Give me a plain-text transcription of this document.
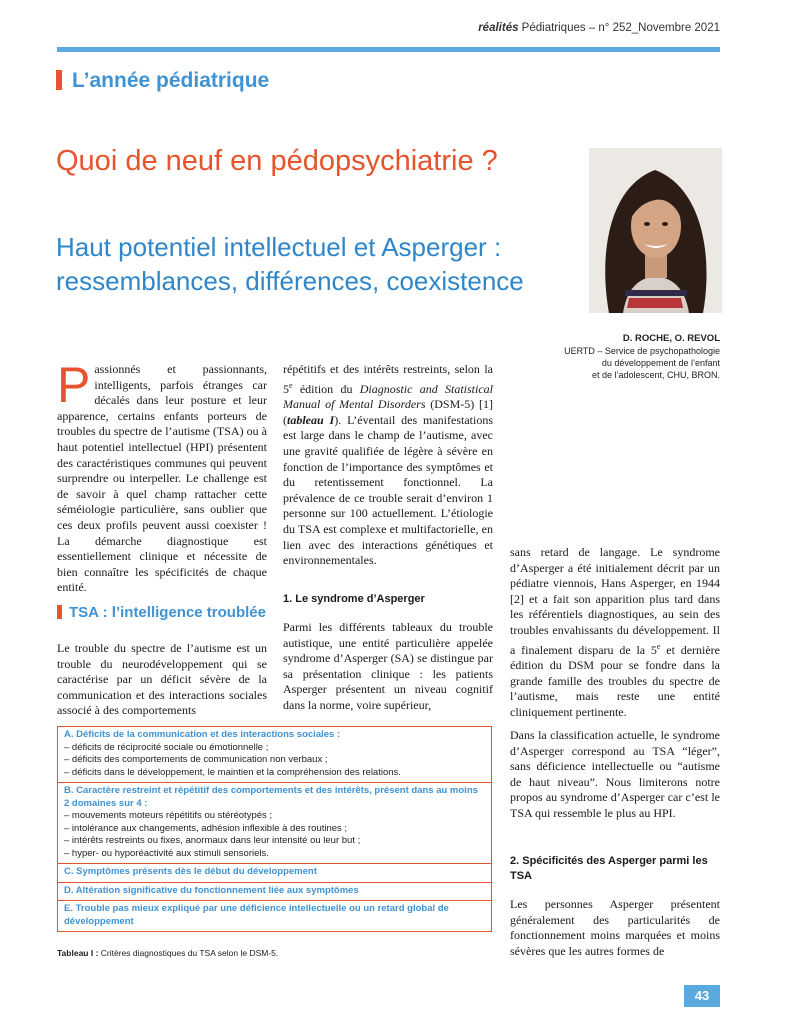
réalités Pédiatriques – n° 252_Novembre 2021
L’année pédiatrique
Quoi de neuf en pédopsychiatrie ?
Haut potentiel intellectuel et Asperger : ressemblances, différences, coexistence
D. ROCHE, O. REVOL
UERTD – Service de psychopathologie
du développement de l’enfant
et de l’adolescent, CHU, BRON.

Passionnés et passionnants, intelligents, parfois étranges car décalés dans leur posture et leur apparence, certains enfants porteurs de troubles du spectre de l’autisme (TSA) ou à haut potentiel intellectuel (HPI) présentent des caractéristiques communes qui peuvent surprendre ou interpeller. Le challenge est de savoir à quel champ rattacher cette séméiologie particulière, sans oublier que ces deux profils peuvent aussi coexister ! La démarche diagnostique est essentiellement clinique et nécessite de bien connaître les spécificités de chaque entité.

TSA : l’intelligence troublée

Le trouble du spectre de l’autisme est un trouble du neurodéveloppement qui se caractérise par un déficit sévère de la communication et des interactions sociales associé à des comportements

répétitifs et des intérêts restreints, selon la 5e édition du Diagnostic and Statistical Manual of Mental Disorders (DSM-5) [1] (tableau I). L’éventail des manifestations est large dans le champ de l’autisme, avec une gravité qualifiée de légère à sévère en fonction de l’importance des symptômes et du retentissement fonctionnel. La prévalence de ce trouble serait d’environ 1 personne sur 100 actuellement. L’étiologie du TSA est complexe et multifactorielle, en lien avec des interactions génétiques et environnementales.

1. Le syndrome d’Asperger

Parmi les différents tableaux du trouble autistique, une entité particulière appelée syndrome d’Asperger (SA) se distingue par sa présentation clinique : les patients Asperger présentent un niveau cognitif dans la norme, voire supérieur,

sans retard de langage. Le syndrome d’Asperger a été initialement décrit par un pédiatre viennois, Hans Asperger, en 1944 [2] et a fait son apparition plus tard dans les référentiels diagnostiques, au sein des troubles envahissants du développement. Il a finalement disparu de la 5e et dernière édition du DSM pour se fondre dans la grande famille des troubles du spectre de l’autisme, mais reste une entité cliniquement pertinente.

Dans la classification actuelle, le syndrome d’Asperger correspond au TSA “léger”, sans déficience intellectuelle ou “autisme de haut niveau”. Nous limiterons notre propos au syndrome d’Asperger car c’est le TSA qui ressemble le plus au HPI.

2. Spécificités des Asperger parmi les TSA

Les personnes Asperger présentent généralement des particularités de fonctionnement moins marquées et moins sévères que les autres formes de

A. Déficits de la communication et des interactions sociales :
– déficits de réciprocité sociale ou émotionnelle ;
– déficits des comportements de communication non verbaux ;
– déficits dans le développement, le maintien et la compréhension des relations.
B. Caractère restreint et répétitif des comportements et des intérêts, présent dans au moins 2 domaines sur 4 :
– mouvements moteurs répétitifs ou stéréotypés ;
– intolérance aux changements, adhésion inflexible à des routines ;
– intérêts restreints ou fixes, anormaux dans leur intensité ou leur but ;
– hyper- ou hyporéactivité aux stimuli sensoriels.
C. Symptômes présents dès le début du développement
D. Altération significative du fonctionnement liée aux symptômes
E. Trouble pas mieux expliqué par une déficience intellectuelle ou un retard global de développement
Tableau I : Critères diagnostiques du TSA selon le DSM-5.
43
